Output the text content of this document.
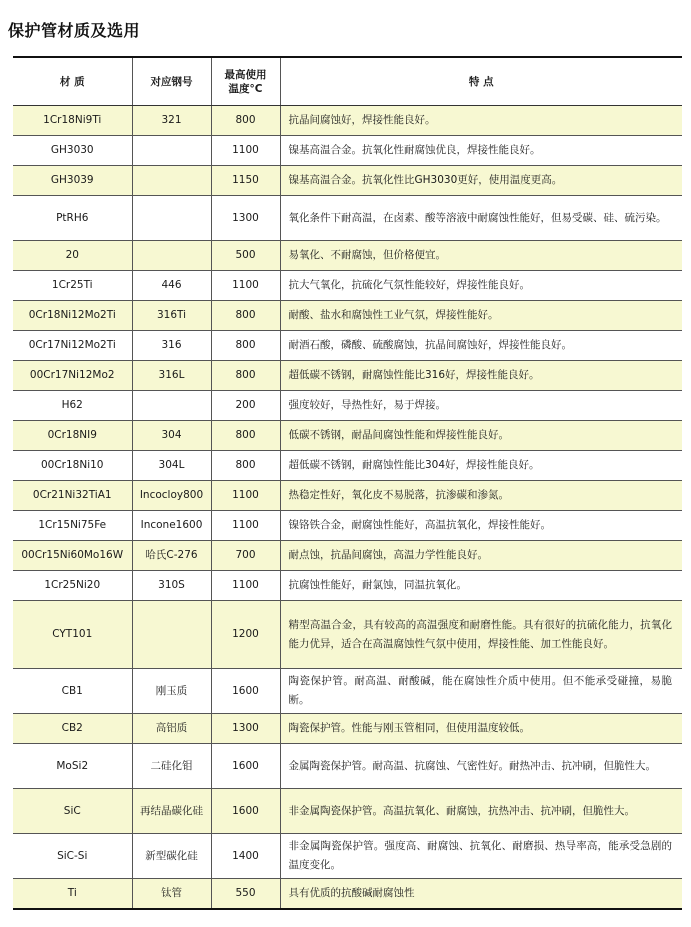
保护管材质及选用
材 质	对应钢号	最高使用
温度°C	特 点
1Cr18Ni9Ti	321	800	抗晶间腐蚀好，焊接性能良好。
GH3030		1100	镍基高温合金。抗氧化性耐腐蚀优良，焊接性能良好。
GH3039		1150	镍基高温合金。抗氧化性比GH3030更好，使用温度更高。
PtRH6		1300	氧化条件下耐高温，在卤素、酸等溶液中耐腐蚀性能好，但易受碳、硅、硫污染。
20		500	易氧化、不耐腐蚀，但价格便宜。
1Cr25Ti	446	1100	抗大气氧化，抗硫化气氛性能较好，焊接性能良好。
0Cr18Ni12Mo2Ti	316Ti	800	耐酸、盐水和腐蚀性工业气氛，焊接性能好。
0Cr17Ni12Mo2Ti	316	800	耐酒石酸，磷酸、硫酸腐蚀，抗晶间腐蚀好，焊接性能良好。
00Cr17Ni12Mo2	316L	800	超低碳不锈钢，耐腐蚀性能比316好，焊接性能良好。
H62		200	强度较好，导热性好，易于焊接。
0Cr18NI9	304	800	低碳不锈钢，耐晶间腐蚀性能和焊接性能良好。
00Cr18Ni10	304L	800	超低碳不锈钢，耐腐蚀性能比304好，焊接性能良好。
0Cr21Ni32TiA1	Incocloy800	1100	热稳定性好，氧化皮不易脱落，抗渗碳和渗氮。
1Cr15Ni75Fe	Incone1600	1100	镍铬铁合金，耐腐蚀性能好，高温抗氧化，焊接性能好。
00Cr15Ni60Mo16W	哈氏C-276	700	耐点蚀，抗晶间腐蚀，高温力学性能良好。
1Cr25Ni20	310S	1100	抗腐蚀性能好，耐氯蚀，同温抗氧化。
CYT101		1200	精型高温合金，具有较高的高温强度和耐磨性能。具有很好的抗硫化能力，抗氧化能力优异，适合在高温腐蚀性气氛中使用，焊接性能、加工性能良好。
CB1	刚玉质	1600	陶瓷保护管。耐高温、耐酸碱，能在腐蚀性介质中使用。但不能承受碰撞，易脆断。
CB2	高铝质	1300	陶瓷保护管。性能与刚玉管相同，但使用温度较低。
MoSi2	二硅化钼	1600	金属陶瓷保护管。耐高温、抗腐蚀、气密性好。耐热冲击、抗冲刷，但脆性大。
SiC	再结晶碳化硅	1600	非金属陶瓷保护管。高温抗氧化、耐腐蚀，抗热冲击、抗冲刷，但脆性大。
SiC-Si	新型碳化硅	1400	非金属陶瓷保护管。强度高、耐腐蚀、抗氧化、耐磨损、热导率高，能承受急剧的温度变化。
Ti	钛管	550	具有优质的抗酸碱耐腐蚀性
